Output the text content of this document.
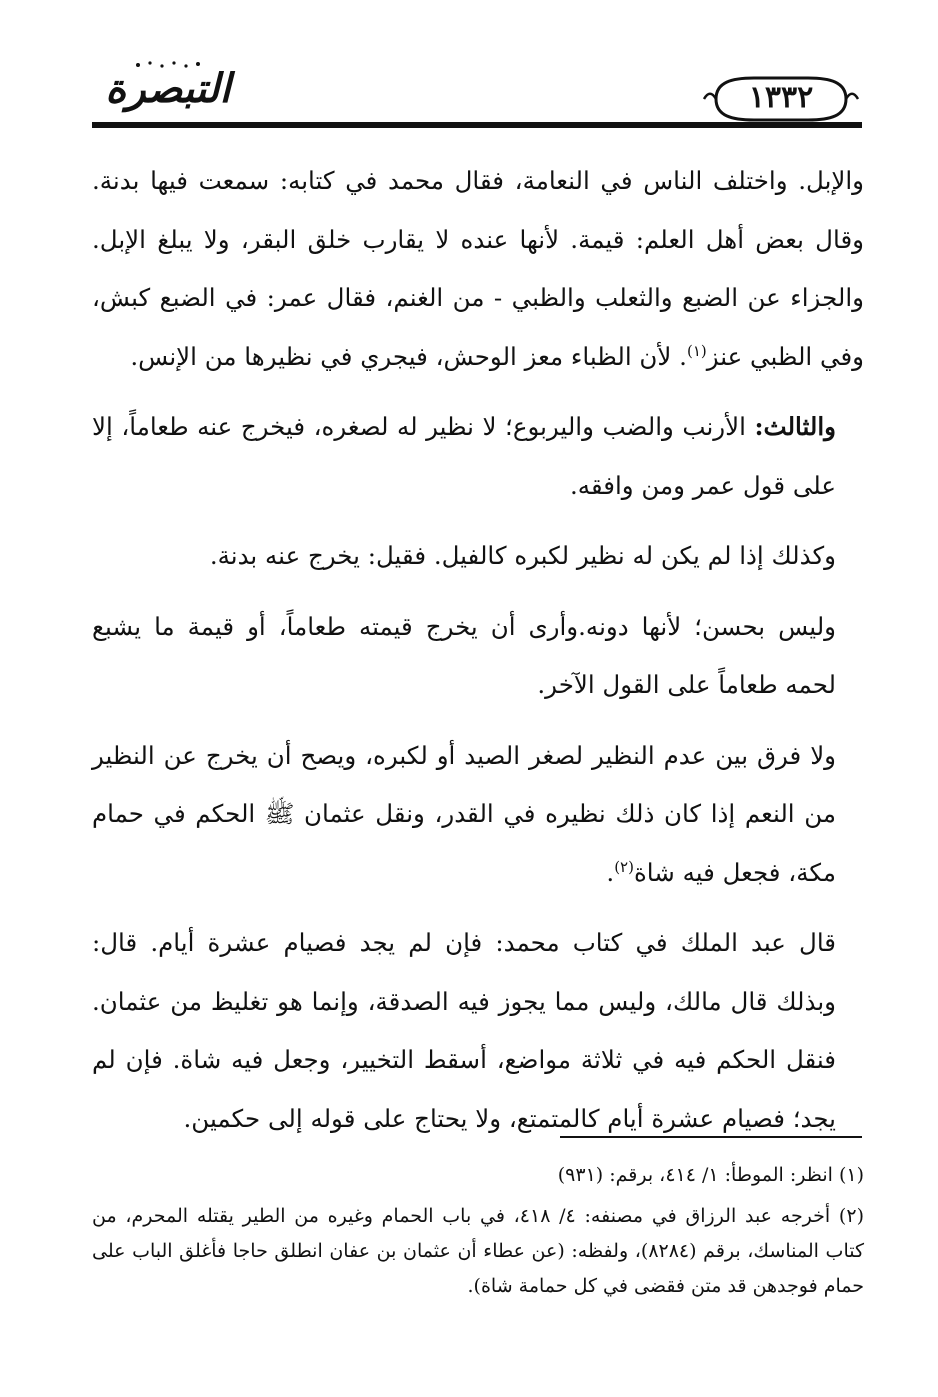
التبصرة	١٣٣٢

والإبل. واختلف الناس في النعامة، فقال محمد في كتابه: سمعت فيها بدنة. وقال بعض أهل العلم: قيمة. لأنها عنده لا يقارب خلق البقر، ولا يبلغ الإبل. والجزاء عن الضبع والثعلب والظبي - من الغنم، فقال عمر: في الضبع كبش، وفي الظبي عنز$^{(١)}$. لأن الظباء معز الوحش، فيجري في نظيرها من الإنس.

والثالث: الأرنب والضب واليربوع؛ لا نظير له لصغره، فيخرج عنه طعاماً، إلا على قول عمر ومن وافقه.

وكذلك إذا لم يكن له نظير لكبره كالفيل. فقيل: يخرج عنه بدنة.

وليس بحسن؛ لأنها دونه.وأرى أن يخرج قيمته طعاماً، أو قيمة ما يشبع لحمه طعاماً على القول الآخر.

ولا فرق بين عدم النظير لصغر الصيد أو لكبره، ويصح أن يخرج عن النظير من النعم إذا كان ذلك نظيره في القدر، ونقل عثمان ﷺ الحكم في حمام مكة، فجعل فيه شاة$^{(٢)}$.

قال عبد الملك في كتاب محمد: فإن لم يجد فصيام عشرة أيام. قال: وبذلك قال مالك، وليس مما يجوز فيه الصدقة، وإنما هو تغليظ من عثمان. فنقل الحكم فيه في ثلاثة مواضع، أسقط التخيير، وجعل فيه شاة. فإن لم يجد؛ فصيام عشرة أيام كالمتمتع، ولا يحتاج على قوله إلى حكمين.

(١) انظر: الموطأ: ١/ ٤١٤، برقم: (٩٣١)

(٢) أخرجه عبد الرزاق في مصنفه: ٤/ ٤١٨، في باب الحمام وغيره من الطير يقتله المحرم، من كتاب المناسك، برقم (٨٢٨٤)، ولفظه: (عن عطاء أن عثمان بن عفان انطلق حاجا فأغلق الباب على حمام فوجدهن قد متن فقضى في كل حمامة شاة).
